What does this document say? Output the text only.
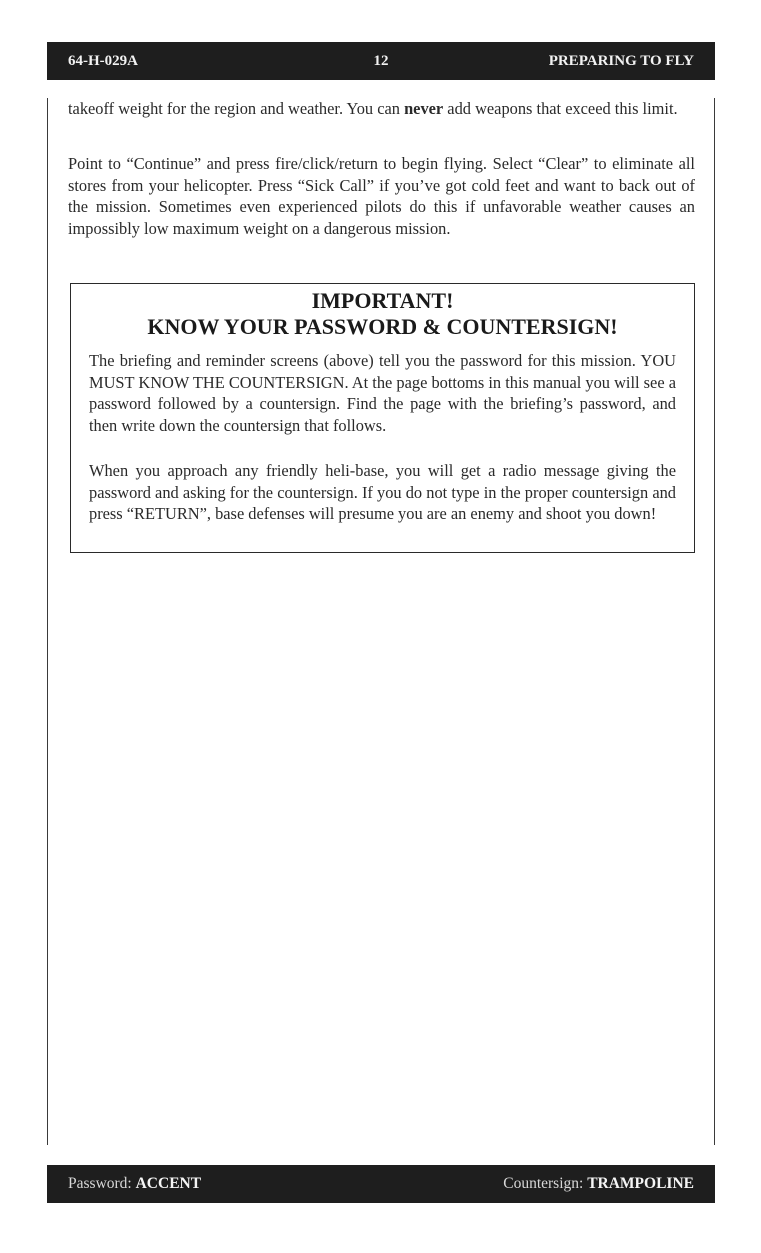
64-H-029A	12	PREPARING TO FLY

takeoff weight for the region and weather. You can never add weapons that exceed this limit.

Point to “Continue” and press fire/click/return to begin flying. Select “Clear” to eliminate all stores from your helicopter. Press “Sick Call” if you’ve got cold feet and want to back out of the mission. Sometimes even experienced pilots do this if unfavorable weather causes an impossibly low maximum weight on a dangerous mission.

IMPORTANT!
KNOW YOUR PASSWORD & COUNTERSIGN!

The briefing and reminder screens (above) tell you the password for this mission. YOU MUST KNOW THE COUNTERSIGN. At the page bottoms in this manual you will see a password followed by a countersign. Find the page with the briefing’s password, and then write down the countersign that follows.

When you approach any friendly heli-base, you will get a radio message giving the password and asking for the countersign. If you do not type in the proper countersign and press “RETURN”, base defenses will presume you are an enemy and shoot you down!

Password: ACCENT	Countersign: TRAMPOLINE
